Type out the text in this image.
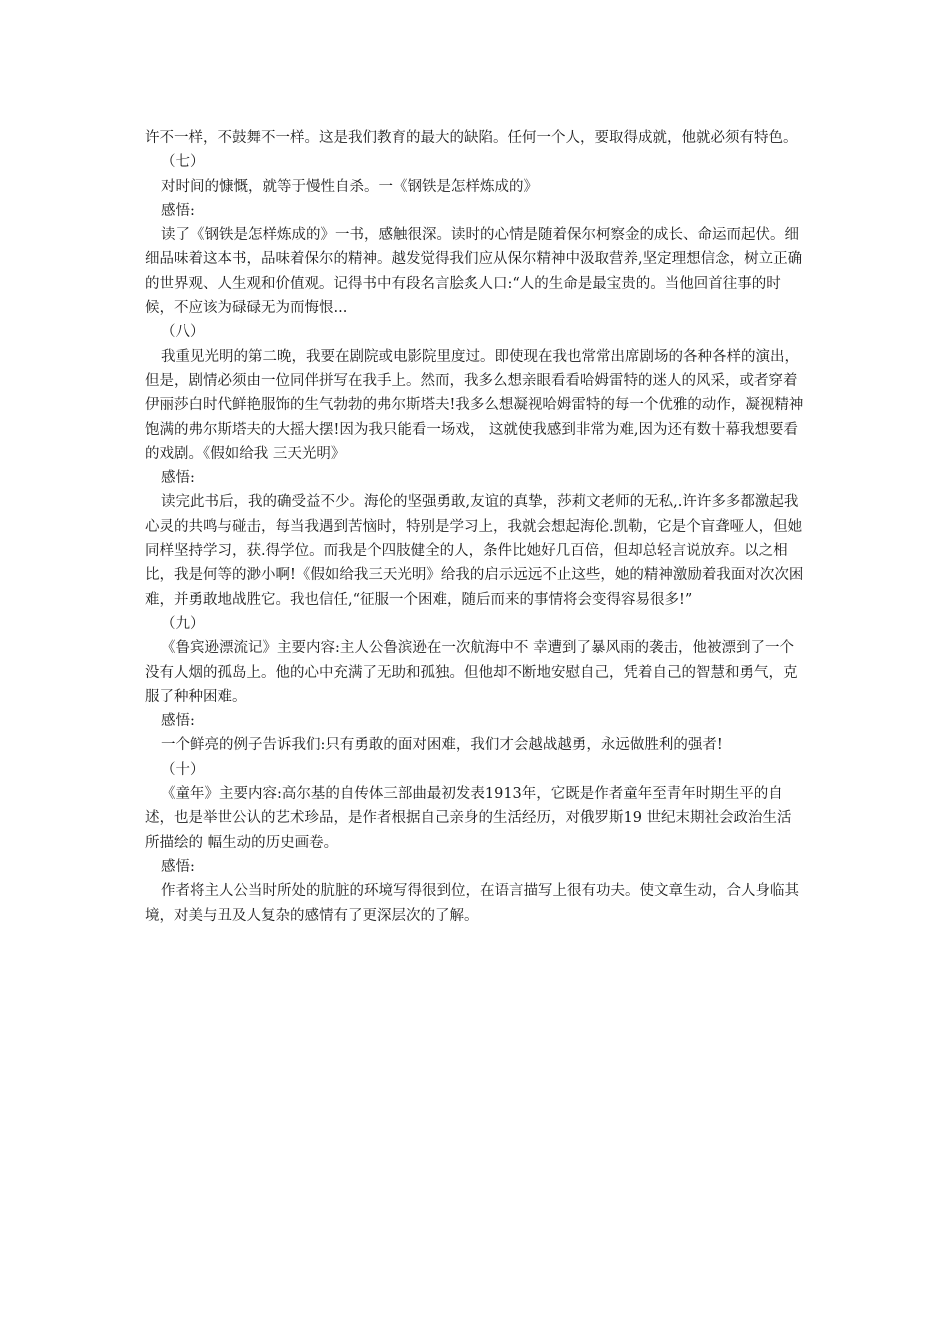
许不一样，不鼓舞不一样。这是我们教育的最大的缺陷。任何一个人，要取得成就，他就必须有特色。

（七）

对时间的慷慨，就等于慢性自杀。一《钢铁是怎样炼成的》

感悟:

读了《钢铁是怎样炼成的》一书，感触很深。读时的心情是随着保尔柯察金的成长、命运而起伏。细细品味着这本书，品味着保尔的精神。越发觉得我们应从保尔精神中汲取营养,坚定理想信念，树立正确的世界观、人生观和价值观。记得书中有段名言脍炙人口:“人的生命是最宝贵的。当他回首往事的时候，不应该为碌碌无为而悔恨...

（八）

我重见光明的第二晚，我要在剧院或电影院里度过。即使现在我也常常出席剧场的各种各样的演出，但是，剧情必须由一位同伴拼写在我手上。然而，我多么想亲眼看看哈姆雷特的迷人的风采，或者穿着伊丽莎白时代鲜艳服饰的生气勃勃的弗尔斯塔夫!我多么想凝视哈姆雷特的每一个优雅的动作，凝视精神饱满的弗尔斯塔夫的大摇大摆!因为我只能看一场戏， 这就使我感到非常为难,因为还有数十幕我想要看的戏剧。《假如给我 三天光明》

感悟:

读完此书后，我的确受益不少。海伦的坚强勇敢,友谊的真挚，莎莉文老师的无私,.许许多多都激起我心灵的共鸣与碰击，每当我遇到苦恼时，特别是学习上，我就会想起海伦.凯勒，它是个盲聋哑人，但她同样坚持学习，获.得学位。而我是个四肢健全的人，条件比她好几百倍，但却总轻言说放弃。以之相比，我是何等的渺小啊!《假如给我三天光明》给我的启示远远不止这些，她的精神激励着我面对次次困难，并勇敢地战胜它。我也信任,“征服一个困难，随后而来的事情将会变得容易很多!”

（九）

《鲁宾逊漂流记》主要内容:主人公鲁滨逊在一次航海中不 幸遭到了暴风雨的袭击，他被漂到了一个没有人烟的孤岛上。他的心中充满了无助和孤独。但他却不断地安慰自己，凭着自己的智慧和勇气，克服了种种困难。

感悟:

一个鲜亮的例子告诉我们:只有勇敢的面对困难，我们才会越战越勇，永远做胜利的强者!

（十）

《童年》主要内容:高尔基的自传体三部曲最初发表1913年，它既是作者童年至青年时期生平的自述，也是举世公认的艺术珍品，是作者根据自己亲身的生活经历，对俄罗斯19 世纪末期社会政治生活所描绘的 幅生动的历史画卷。

感悟:

作者将主人公当时所处的肮脏的环境写得很到位，在语言描写上很有功夫。使文章生动，合人身临其境，对美与丑及人复杂的感情有了更深层次的了解。
